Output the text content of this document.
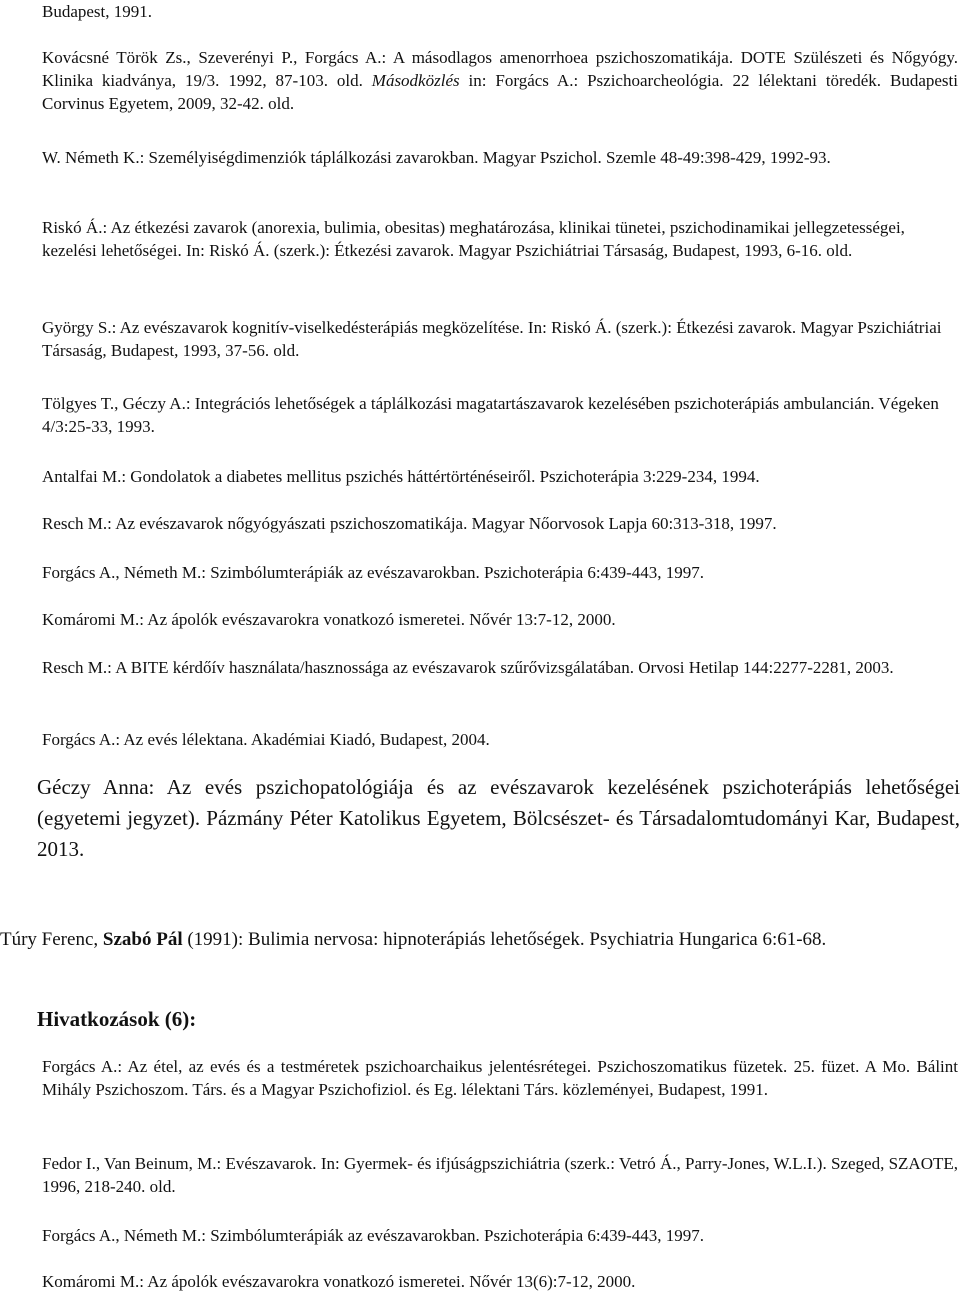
Budapest, 1991.

Kovácsné Török Zs., Szeverényi P., Forgács A.: A másodlagos amenorrhoea pszichoszomatikája. DOTE Szülészeti és Nőgyógy. Klinika kiadványa, 19/3. 1992, 87-103. old. Másodközlés in: Forgács A.: Pszichoarcheológia. 22 lélektani töredék. Budapesti Corvinus Egyetem, 2009, 32-42. old.

W. Németh K.: Személyiségdimenziók táplálkozási zavarokban. Magyar Pszichol. Szemle 48-49:398-429, 1992-93.

Riskó Á.: Az étkezési zavarok (anorexia, bulimia, obesitas) meghatározása, klinikai tünetei, pszichodinamikai jellegzetességei, kezelési lehetőségei. In: Riskó Á. (szerk.): Étkezési zavarok. Magyar Pszichiátriai Társaság, Budapest, 1993, 6-16. old.

György S.: Az evészavarok kognitív-viselkedésterápiás megközelítése. In: Riskó Á. (szerk.): Étkezési zavarok. Magyar Pszichiátriai Társaság, Budapest, 1993, 37-56. old.

Tölgyes T., Géczy A.: Integrációs lehetőségek a táplálkozási magatartászavarok kezelésében pszichoterápiás ambulancián. Végeken 4/3:25-33, 1993.

Antalfai M.: Gondolatok a diabetes mellitus pszichés háttértörténéseiről. Pszichoterápia 3:229-234, 1994.

Resch M.: Az evészavarok nőgyógyászati pszichoszomatikája. Magyar Nőorvosok Lapja 60:313-318, 1997.

Forgács A., Németh M.: Szimbólumterápiák az evészavarokban. Pszichoterápia 6:439-443, 1997.

Komáromi M.: Az ápolók evészavarokra vonatkozó ismeretei. Nővér 13:7-12, 2000.

Resch M.: A BITE kérdőív használata/hasznossága az evészavarok szűrővizsgálatában. Orvosi Hetilap 144:2277-2281, 2003.

Forgács A.: Az evés lélektana. Akadémiai Kiadó, Budapest, 2004.

Géczy Anna: Az evés pszichopatológiája és az evészavarok kezelésének pszichoterápiás lehetőségei (egyetemi jegyzet). Pázmány Péter Katolikus Egyetem, Bölcsészet- és Társadalomtudományi Kar, Budapest, 2013.

Túry Ferenc, Szabó Pál (1991): Bulimia nervosa: hipnoterápiás lehetőségek. Psychiatria Hungarica 6:61-68.

Hivatkozások (6):

Forgács A.: Az étel, az evés és a testméretek pszichoarchaikus jelentésrétegei. Pszichoszomatikus füzetek. 25. füzet. A Mo. Bálint Mihály Pszichoszom. Társ. és a Magyar Pszichofiziol. és Eg. lélektani Társ. közleményei, Budapest, 1991.

Fedor I., Van Beinum, M.: Evészavarok. In: Gyermek- és ifjúságpszichiátria (szerk.: Vetró Á., Parry-Jones, W.L.I.). Szeged, SZAOTE, 1996, 218-240. old.

Forgács A., Németh M.: Szimbólumterápiák az evészavarokban. Pszichoterápia 6:439-443, 1997.

Komáromi M.: Az ápolók evészavarokra vonatkozó ismeretei. Nővér 13(6):7-12, 2000.
